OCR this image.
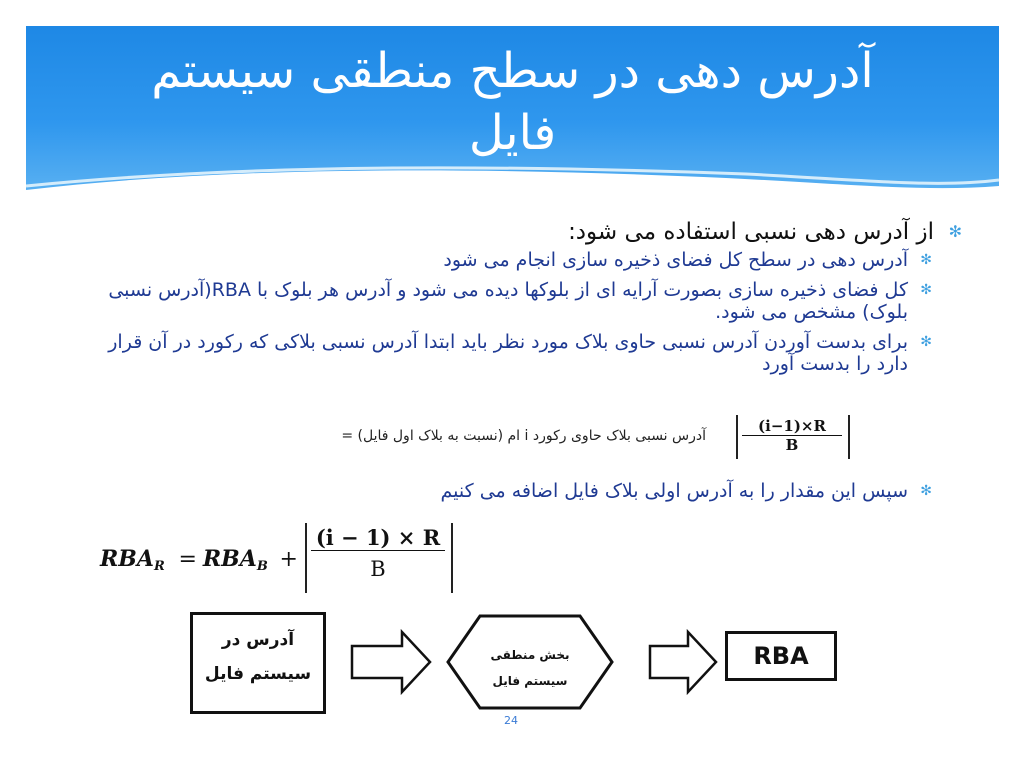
آدرس دهی در سطح منطقی سیستم
فایل
✻
از آدرس دهی نسبی استفاده می شود:
✻
آدرس دهی در سطح کل فضای ذخیره سازی انجام می شود
✻
کل فضای ذخیره سازی بصورت آرایه ای از بلوکها دیده می شود و آدرس هر بلوک با RBA(آدرس نسبی بلوک) مشخص می شود.
✻
برای بدست آوردن آدرس نسبی حاوی بلاک مورد نظر باید ابتدا آدرس نسبی بلاکی که رکورد در آن قرار دارد را بدست آورد
آدرس نسبی بلاک حاوی رکورد i ام (نسبت به بلاک اول فایل) =	$\frac{(i-1)\times R}{B}$
✻
سپس این مقدار را به آدرس اولی بلاک فایل اضافه می کنیم
$RBA_R = RBA_B + \frac{(i - 1) \times R}{B}$
آدرس در
سیستم فایل
بخش منطقی
سیستم فایل
RBA
24
